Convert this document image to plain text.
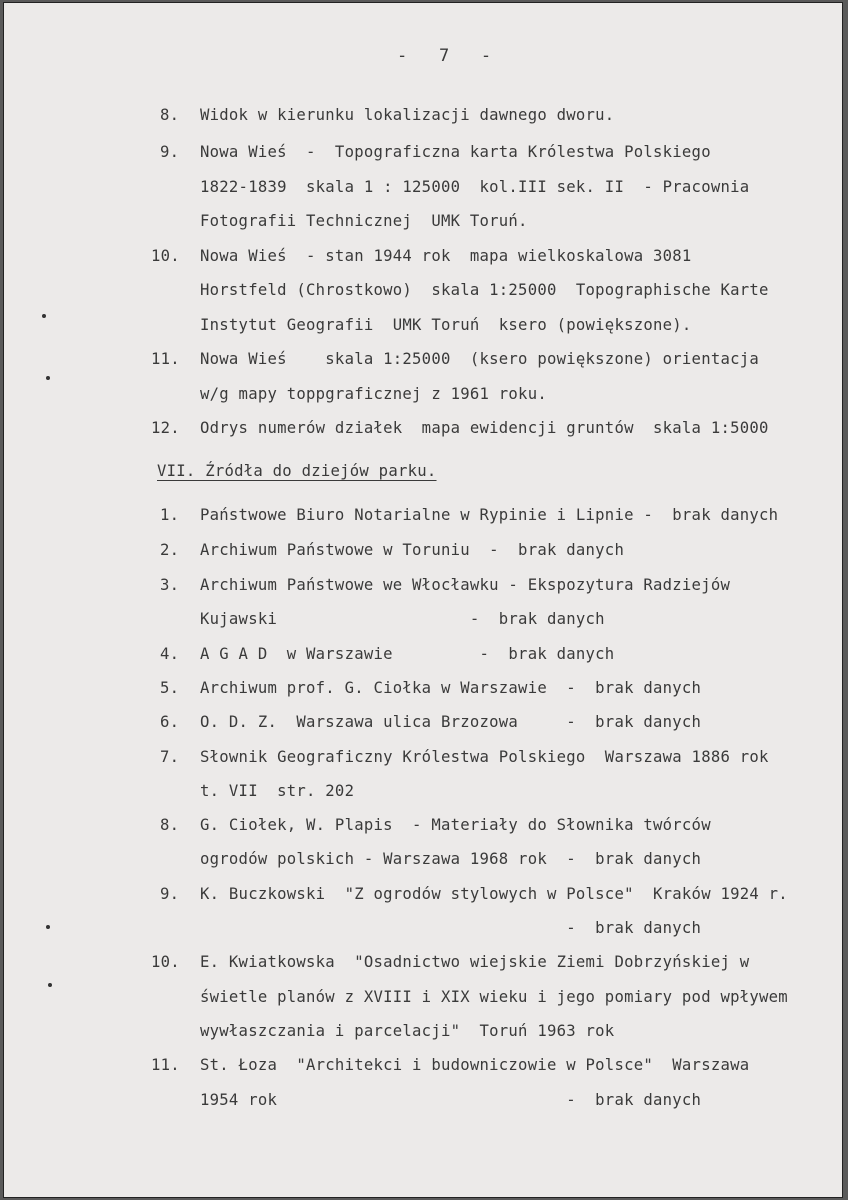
-   7   -
8. Widok w kierunku lokalizacji dawnego dworu.
9. Nowa Wieś  -  Topograficzna karta Królestwa Polskiego
1822-1839  skala 1 : 125000  kol.III sek. II  - Pracownia
Fotografii Technicznej  UMK Toruń.
10. Nowa Wieś  - stan 1944 rok  mapa wielkoskalowa 3081
Horstfeld (Chrostkowo)  skala 1:25000  Topographische Karte
Instytut Geografii  UMK Toruń  ksero (powiększone).
11. Nowa Wieś    skala 1:25000  (ksero powiększone) orientacja
w/g mapy toppgraficznej z 1961 roku.
12. Odrys numerów działek  mapa ewidencji gruntów  skala 1:5000
VII. Źródła do dziejów parku.
1. Państwowe Biuro Notarialne w Rypinie i Lipnie -  brak danych
2. Archiwum Państwowe w Toruniu  -  brak danych
3. Archiwum Państwowe we Włocławku - Ekspozytura Radziejów
Kujawski                    -  brak danych
4. A G A D  w Warszawie         -  brak danych
5. Archiwum prof. G. Ciołka w Warszawie  -  brak danych
6. O. D. Z.  Warszawa ulica Brzozowa     -  brak danych
7. Słownik Geograficzny Królestwa Polskiego  Warszawa 1886 rok
t. VII  str. 202
8. G. Ciołek, W. Plapis  - Materiały do Słownika twórców
ogrodów polskich - Warszawa 1968 rok  -  brak danych
9. K. Buczkowski  "Z ogrodów stylowych w Polsce"  Kraków 1924 r.
-  brak danych
10. E. Kwiatkowska  "Osadnictwo wiejskie Ziemi Dobrzyńskiej w
świetle planów z XVIII i XIX wieku i jego pomiary pod wpływem
wywłaszczania i parcelacji"  Toruń 1963 rok
11. St. Łoza  "Architekci i budowniczowie w Polsce"  Warszawa
1954 rok                              -  brak danych
